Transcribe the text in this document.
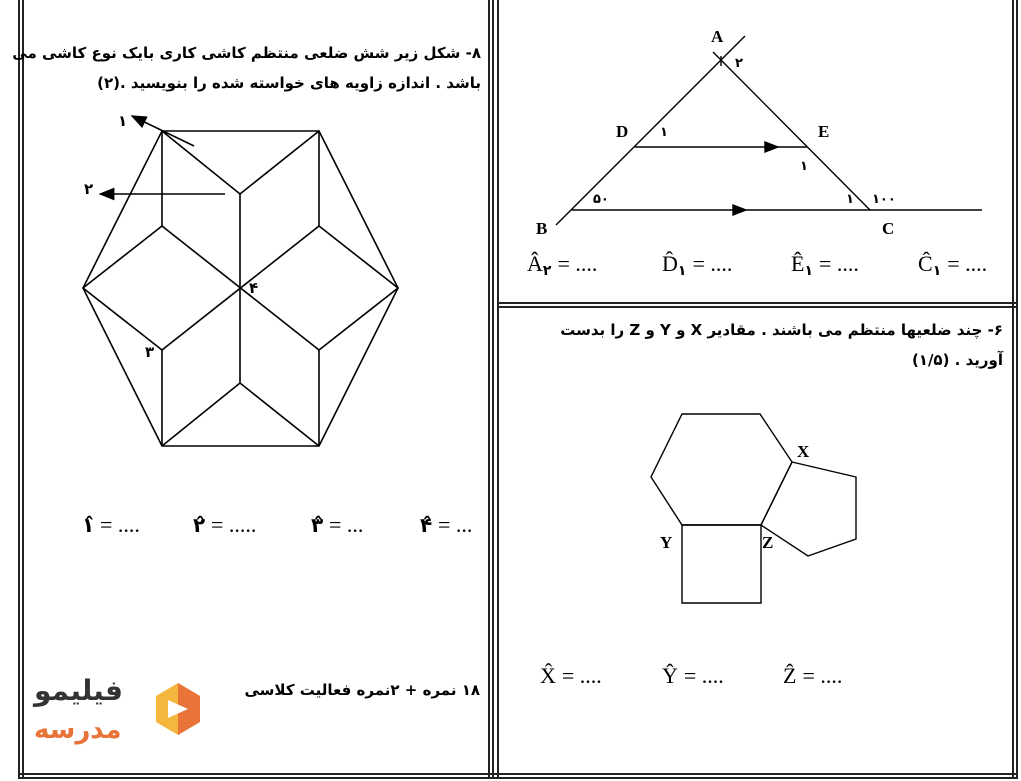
۸- شکل زیر شش ضلعی منتظم کاشی کاری بایک نوع کاشی می
باشد . اندازه زاویه های خواسته شده را بنویسید .(۲)
۶- چند ضلعیها منتظم می باشند . مقادیر X و Y و Z را بدست
آورید . (۱/۵)
۱۸ نمره + ۲نمره فعالیت کلاسی
۱
۲
۳
۴
۱̂ = ....	۲̂ = .....	۳̂ = ...	۴̂ = ...
A
B	C
D	E
۲
۱
۱
۵۰	۱ ۱۰۰
Â۲ = ....	D̂۱ = ....	Ê۱ = ....	Ĉ۱ = ....
X
Y	Z
X̂ = ....	Ŷ = ....	Ẑ = ....
فیلیمو
مدرسه
